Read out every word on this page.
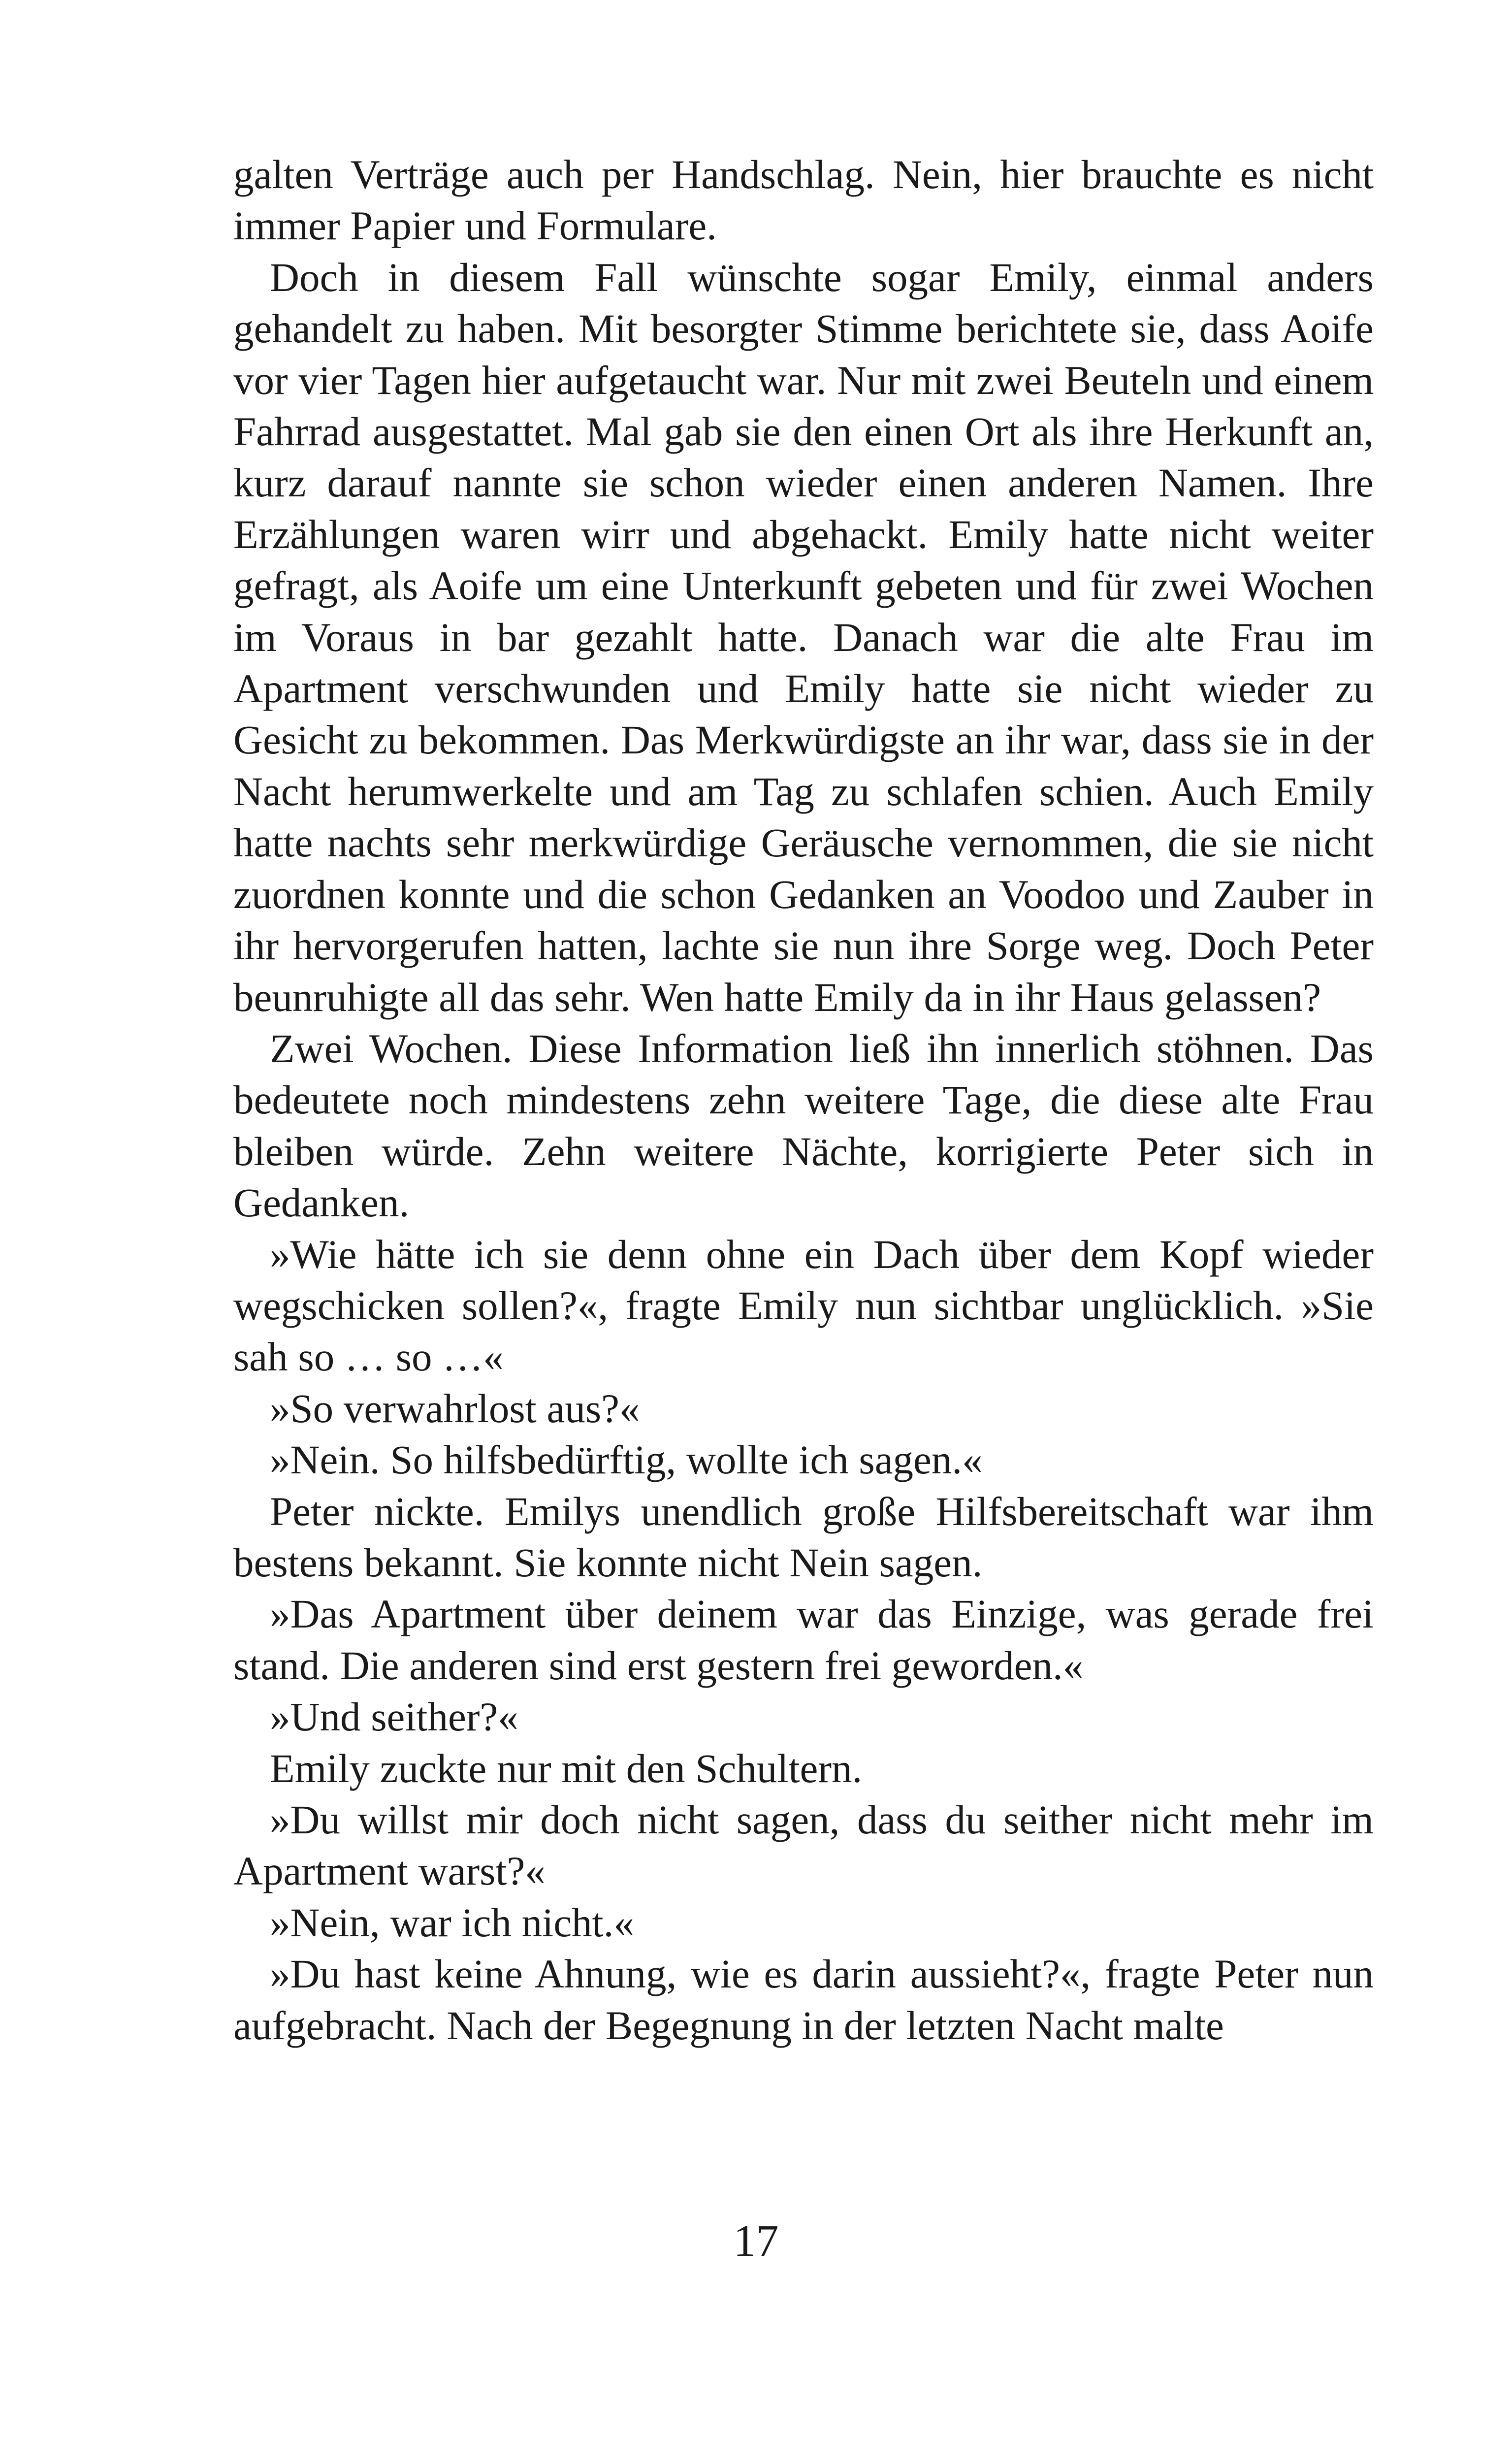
galten Verträge auch per Handschlag. Nein, hier brauchte es nicht immer Papier und Formulare.

Doch in diesem Fall wünschte sogar Emily, einmal anders gehandelt zu haben. Mit besorgter Stimme berichtete sie, dass Aoife vor vier Tagen hier aufgetaucht war. Nur mit zwei Beuteln und einem Fahrrad ausgestattet. Mal gab sie den einen Ort als ihre Herkunft an, kurz darauf nannte sie schon wieder einen anderen Namen. Ihre Erzählungen waren wirr und abgehackt. Emily hatte nicht weiter gefragt, als Aoife um eine Unterkunft gebeten und für zwei Wochen im Voraus in bar gezahlt hatte. Danach war die alte Frau im Apartment verschwunden und Emily hatte sie nicht wieder zu Gesicht zu bekommen. Das Merkwürdigste an ihr war, dass sie in der Nacht herumwerkelte und am Tag zu schlafen schien. Auch Emily hatte nachts sehr merkwürdige Geräusche vernommen, die sie nicht zuordnen konnte und die schon Gedanken an Voodoo und Zauber in ihr hervorgerufen hatten, lachte sie nun ihre Sorge weg. Doch Peter beunruhigte all das sehr. Wen hatte Emily da in ihr Haus gelassen?

Zwei Wochen. Diese Information ließ ihn innerlich stöhnen. Das bedeutete noch mindestens zehn weitere Tage, die diese alte Frau bleiben würde. Zehn weitere Nächte, korrigierte Peter sich in Gedanken.

»Wie hätte ich sie denn ohne ein Dach über dem Kopf wieder wegschicken sollen?«, fragte Emily nun sichtbar unglücklich. »Sie sah so … so …«

»So verwahrlost aus?«

»Nein. So hilfsbedürftig, wollte ich sagen.«

Peter nickte. Emilys unendlich große Hilfsbereitschaft war ihm bestens bekannt. Sie konnte nicht Nein sagen.

»Das Apartment über deinem war das Einzige, was gerade frei stand. Die anderen sind erst gestern frei geworden.«

»Und seither?«

Emily zuckte nur mit den Schultern.

»Du willst mir doch nicht sagen, dass du seither nicht mehr im Apartment warst?«

»Nein, war ich nicht.«

»Du hast keine Ahnung, wie es darin aussieht?«, fragte Peter nun aufgebracht. Nach der Begegnung in der letzten Nacht malte

17
